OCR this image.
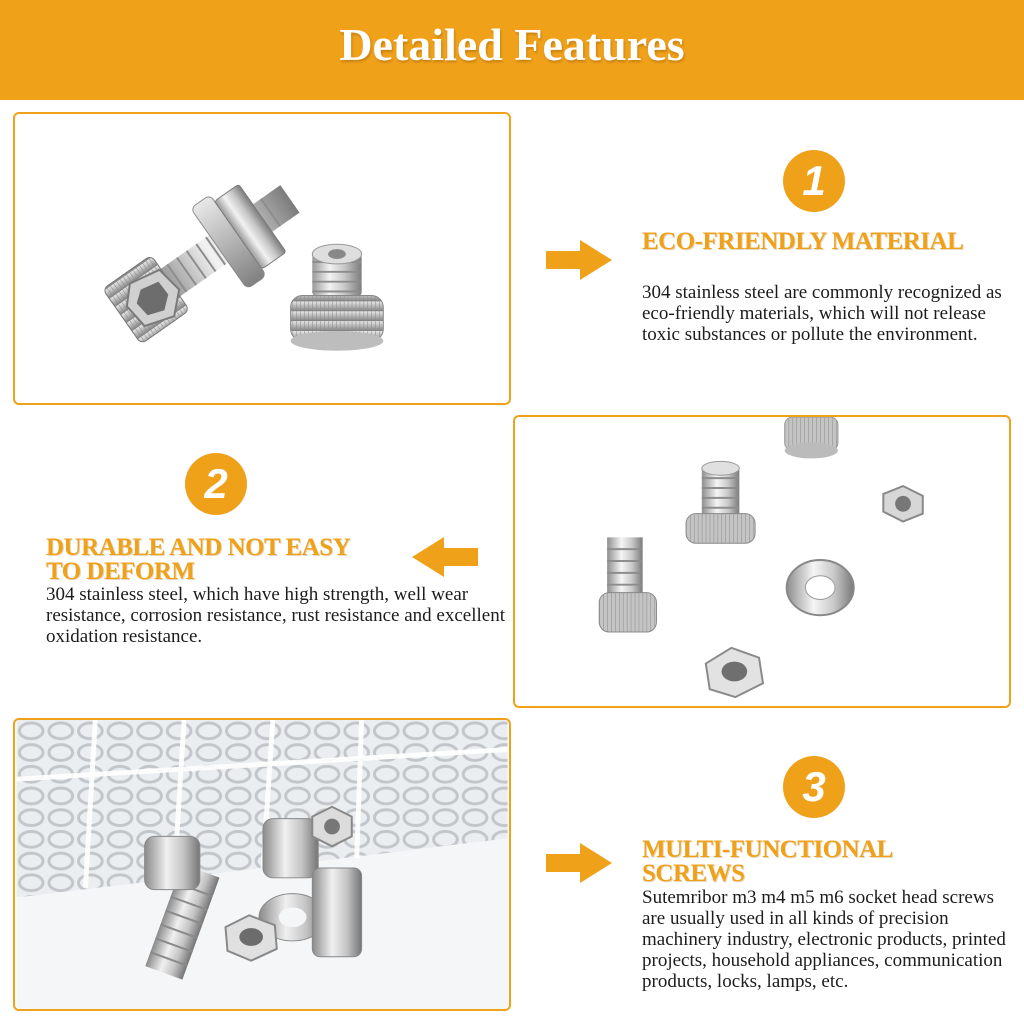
Detailed Features
1
2
3
ECO-FRIENDLY MATERIAL
304 stainless steel are commonly recognized as eco-friendly materials, which will not release toxic substances or pollute the environment.
DURABLE AND NOT EASY TO DEFORM
304 stainless steel, which have high strength, well wear resistance, corrosion resistance, rust resistance and excellent oxidation resistance.
MULTI-FUNCTIONAL SCREWS
Sutemribor m3 m4 m5 m6 socket head screws are usually used in all kinds of precision machinery industry, electronic products, printed projects, household appliances, communication products, locks, lamps, etc.
